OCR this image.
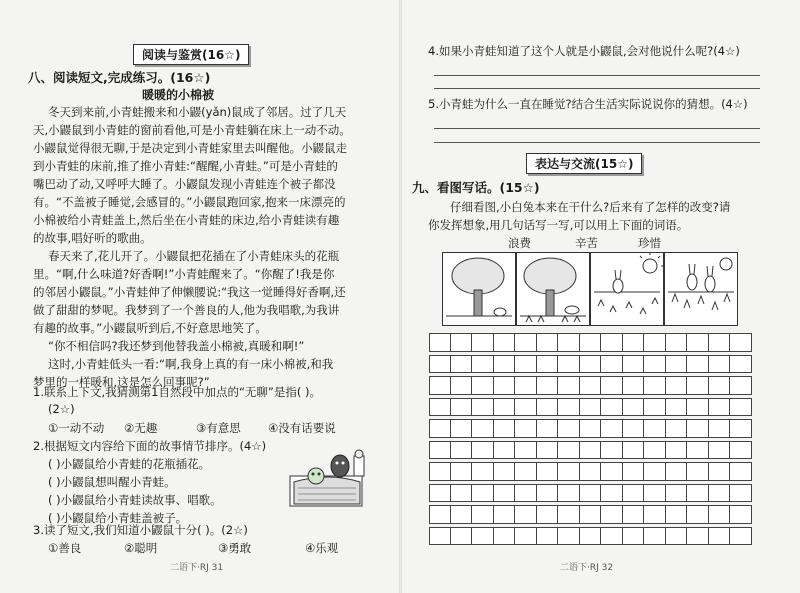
阅读与鉴赏(16☆)
八、阅读短文,完成练习。(16☆)
暖暖的小棉被
冬天到来前,小青蛙搬来和小鼹(yǎn)鼠成了邻居。过了几天
天,小鼹鼠到小青蛙的窗前看他,可是小青蛙躺在床上一动不动。
小鼹鼠觉得很无聊,于是决定到小青蛙家里去叫醒他。小鼹鼠走
到小青蛙的床前,推了推小青蛙:“醒醒,小青蛙。”可是小青蛙的
嘴巴动了动,又呼呼大睡了。小鼹鼠发现小青蛙连个被子都没
有。“不盖被子睡觉,会感冒的。”小鼹鼠跑回家,抱来一床漂亮的
小棉被给小青蛙盖上,然后坐在小青蛙的床边,给小青蛙读有趣
的故事,唱好听的歌曲。
春天来了,花儿开了。小鼹鼠把花插在了小青蛙床头的花瓶
里。“啊,什么味道?好香啊!”小青蛙醒来了。“你醒了!我是你
的邻居小鼹鼠。”小青蛙伸了伸懒腰说:“我这一觉睡得好香啊,还
做了甜甜的梦呢。我梦到了一个善良的人,他为我唱歌,为我讲
有趣的故事。”小鼹鼠听到后,不好意思地笑了。
“你不相信吗?我还梦到他替我盖小棉被,真暖和啊!”
这时,小青蛙低头一看:“啊,我身上真的有一床小棉被,和我
梦里的一样暖和,这是怎么回事呢?”
1.联系上下文,我猜测第1自然段中加点的“无聊”是指( )。
(2☆)
①一动不动 ②无趣	③有意思 ④没有话要说
2.根据短文内容给下面的故事情节排序。(4☆)
( )小鼹鼠给小青蛙的花瓶插花。
( )小鼹鼠想叫醒小青蛙。
( )小鼹鼠给小青蛙读故事、唱歌。
( )小鼹鼠给小青蛙盖被子。
3.读了短文,我们知道小鼹鼠十分( )。(2☆)
①善良	②聪明	③勇敢	④乐观
二语下·RJ 31
4.如果小青蛙知道了这个人就是小鼹鼠,会对他说什么呢?(4☆)
5.小青蛙为什么一直在睡觉?结合生活实际说说你的猜想。(4☆)
表达与交流(15☆)
九、看图写话。(15☆)
仔细看图,小白兔本来在干什么?后来有了怎样的改变?请
你发挥想象,用几句话写一写,可以用上下面的词语。
浪费	辛苦	珍惜
二语下·RJ 32
